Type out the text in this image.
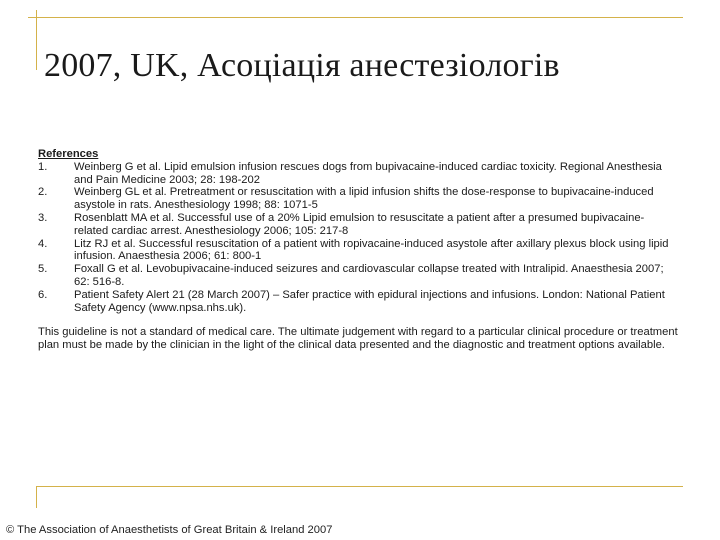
2007, UK, Асоціація анестезіологів

References

1.	Weinberg G et al. Lipid emulsion infusion rescues dogs from bupivacaine-induced cardiac toxicity. Regional Anesthesia and Pain Medicine 2003; 28: 198-202
2.	Weinberg GL et al. Pretreatment or resuscitation with a lipid infusion shifts the dose-response to bupivacaine-induced asystole in rats. Anesthesiology 1998; 88: 1071-5
3.	Rosenblatt MA et al. Successful use of a 20% Lipid emulsion to resuscitate a patient after a presumed bupivacaine-related cardiac arrest. Anesthesiology 2006; 105: 217-8
4.	Litz RJ et al. Successful resuscitation of a patient with ropivacaine-induced asystole after axillary plexus block using lipid infusion. Anaesthesia 2006; 61: 800-1
5.	Foxall G et al. Levobupivacaine-induced seizures and cardiovascular collapse treated with Intralipid. Anaesthesia 2007; 62: 516-8.
6.	Patient Safety Alert 21 (28 March 2007) – Safer practice with epidural injections and infusions. London: National Patient Safety Agency (www.npsa.nhs.uk).

This guideline is not a standard of medical care. The ultimate judgement with regard to a particular clinical procedure or treatment plan must be made by the clinician in the light of the clinical data presented and the diagnostic and treatment options available.

© The Association of Anaesthetists of Great Britain & Ireland 2007
